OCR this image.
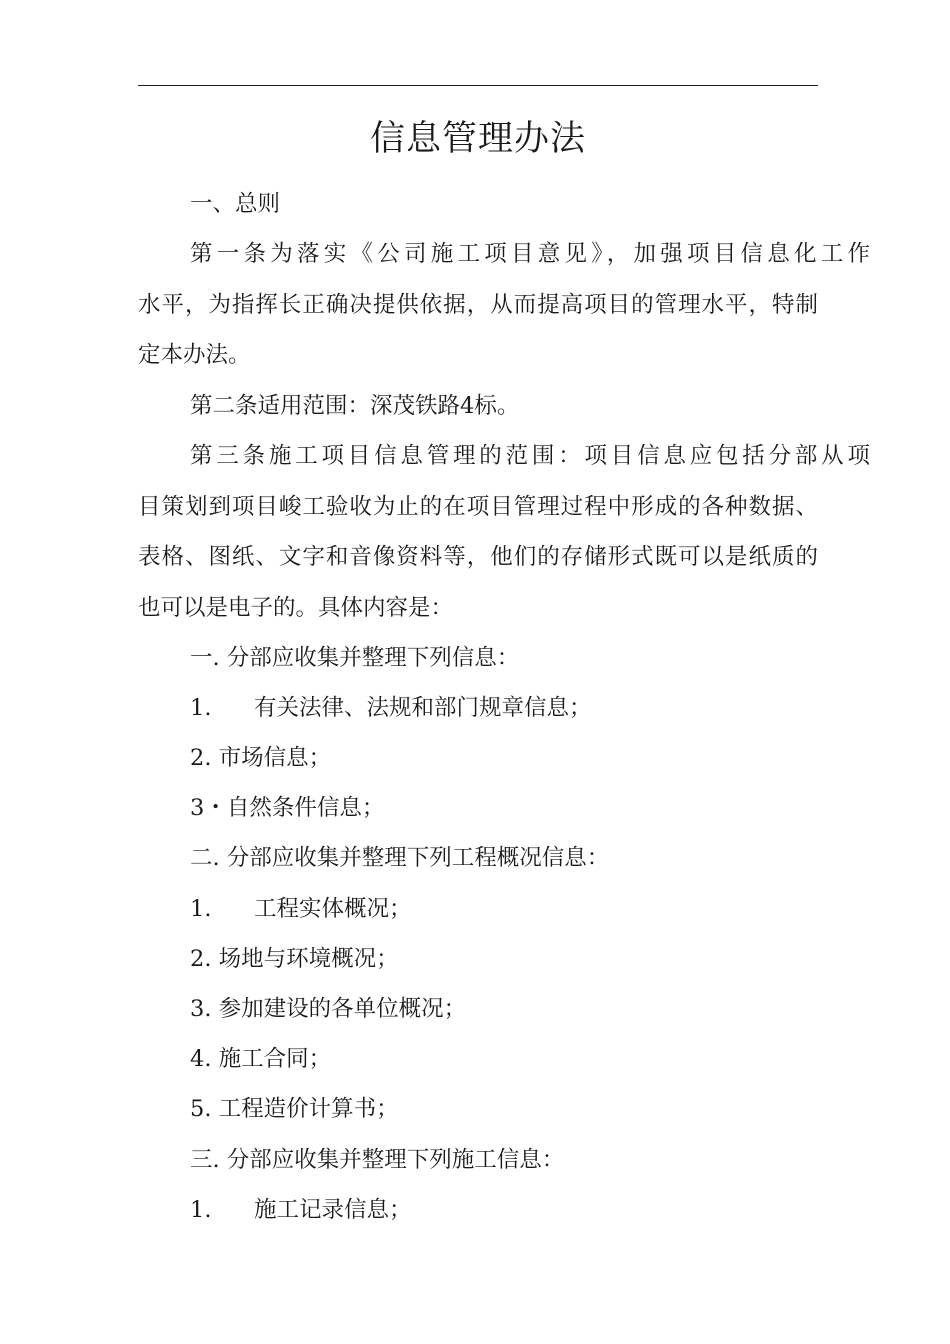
信息管理办法
一、总则
第一条为落实《公司施工项目意见》，加强项目信息化工作
水平，为指挥长正确决提供依据，从而提高项目的管理水平，特制
定本办法。
第二条适用范围：深茂铁路4标。
第三条施工项目信息管理的范围：项目信息应包括分部从项
目策划到项目峻工验收为止的在项目管理过程中形成的各种数据、
表格、图纸、文字和音像资料等，他们的存储形式既可以是纸质的
也可以是电子的。具体内容是：
一. 分部应收集并整理下列信息：
1. 有关法律、法规和部门规章信息；
2. 市场信息；
3・自然条件信息；
二. 分部应收集并整理下列工程概况信息：
1. 工程实体概况；
2. 场地与环境概况；
3. 参加建设的各单位概况；
4. 施工合同；
5. 工程造价计算书；
三. 分部应收集并整理下列施工信息：
1. 施工记录信息；
